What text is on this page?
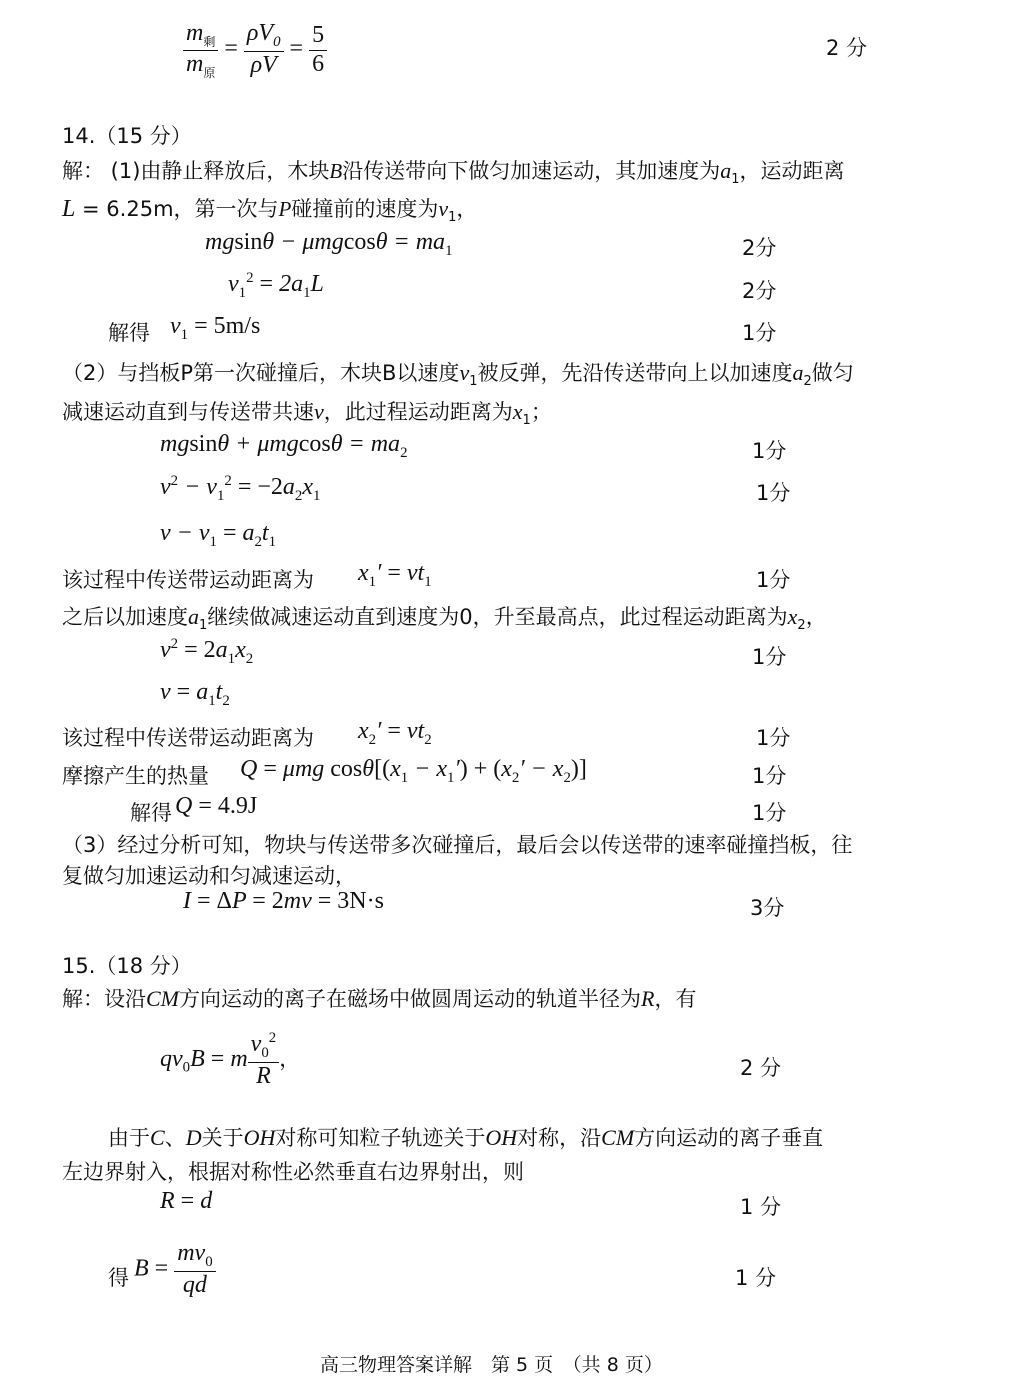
$\frac{m_剩}{m_原} = \frac{\rho V_0}{\rho V} = \frac{5}{6}$	2 分
14.（15 分）
解： (1)由静止释放后，木块B沿传送带向下做匀加速运动，其加速度为$a_1$，运动距离
L = 6.25m，第一次与P碰撞前的速度为$v_1$，
$mgsin\theta - \mu mgcos\theta = ma_1$	2分
$v_1^2 = 2a_1L$	2分
解得 $v_1 = 5m/s$	1分
（2）与挡板P第一次碰撞后，木块B以速度$v_1$被反弹，先沿传送带向上以加速度$a_2$做匀
减速运动直到与传送带共速v，此过程运动距离为$x_1$；
$mgsin\theta + \mu mgcos\theta = ma_2$	1分
$v^2 - v_1^2 = -2a_2x_1$	1分
$v - v_1 = a_2t_1$
该过程中传送带运动距离为 $x_1' = vt_1$	1分
之后以加速度$a_1$继续做减速运动直到速度为0，升至最高点，此过程运动距离为$x_2$，
$v^2 = 2a_1x_2$	1分
$v = a_1t_2$
该过程中传送带运动距离为 $x_2' = vt_2$	1分
摩擦产生的热量 Q = μmg $\cos\theta[(x_1 - x_1') + (x_2' - x_2)]$	1分
解得 Q = 4.9J	1分
（3）经过分析可知，物块与传送带多次碰撞后，最后会以传送带的速率碰撞挡板，往
复做匀加速运动和匀减速运动，
I = ΔP = 2mv = 3N·s	3分
15.（18 分）
解：设沿CM方向运动的离子在磁场中做圆周运动的轨道半径为R，有
$qv_0B = m \frac{v_0^2}{R}$ ，	2 分
由于C、D关于OH对称可知粒子轨迹关于OH对称，沿CM方向运动的离子垂直
左边界射入，根据对称性必然垂直右边界射出，则
R = d	1 分
得 $B = \frac{mv_0}{qd}$	1 分
高三物理答案详解　第 5 页　（共 8 页）
